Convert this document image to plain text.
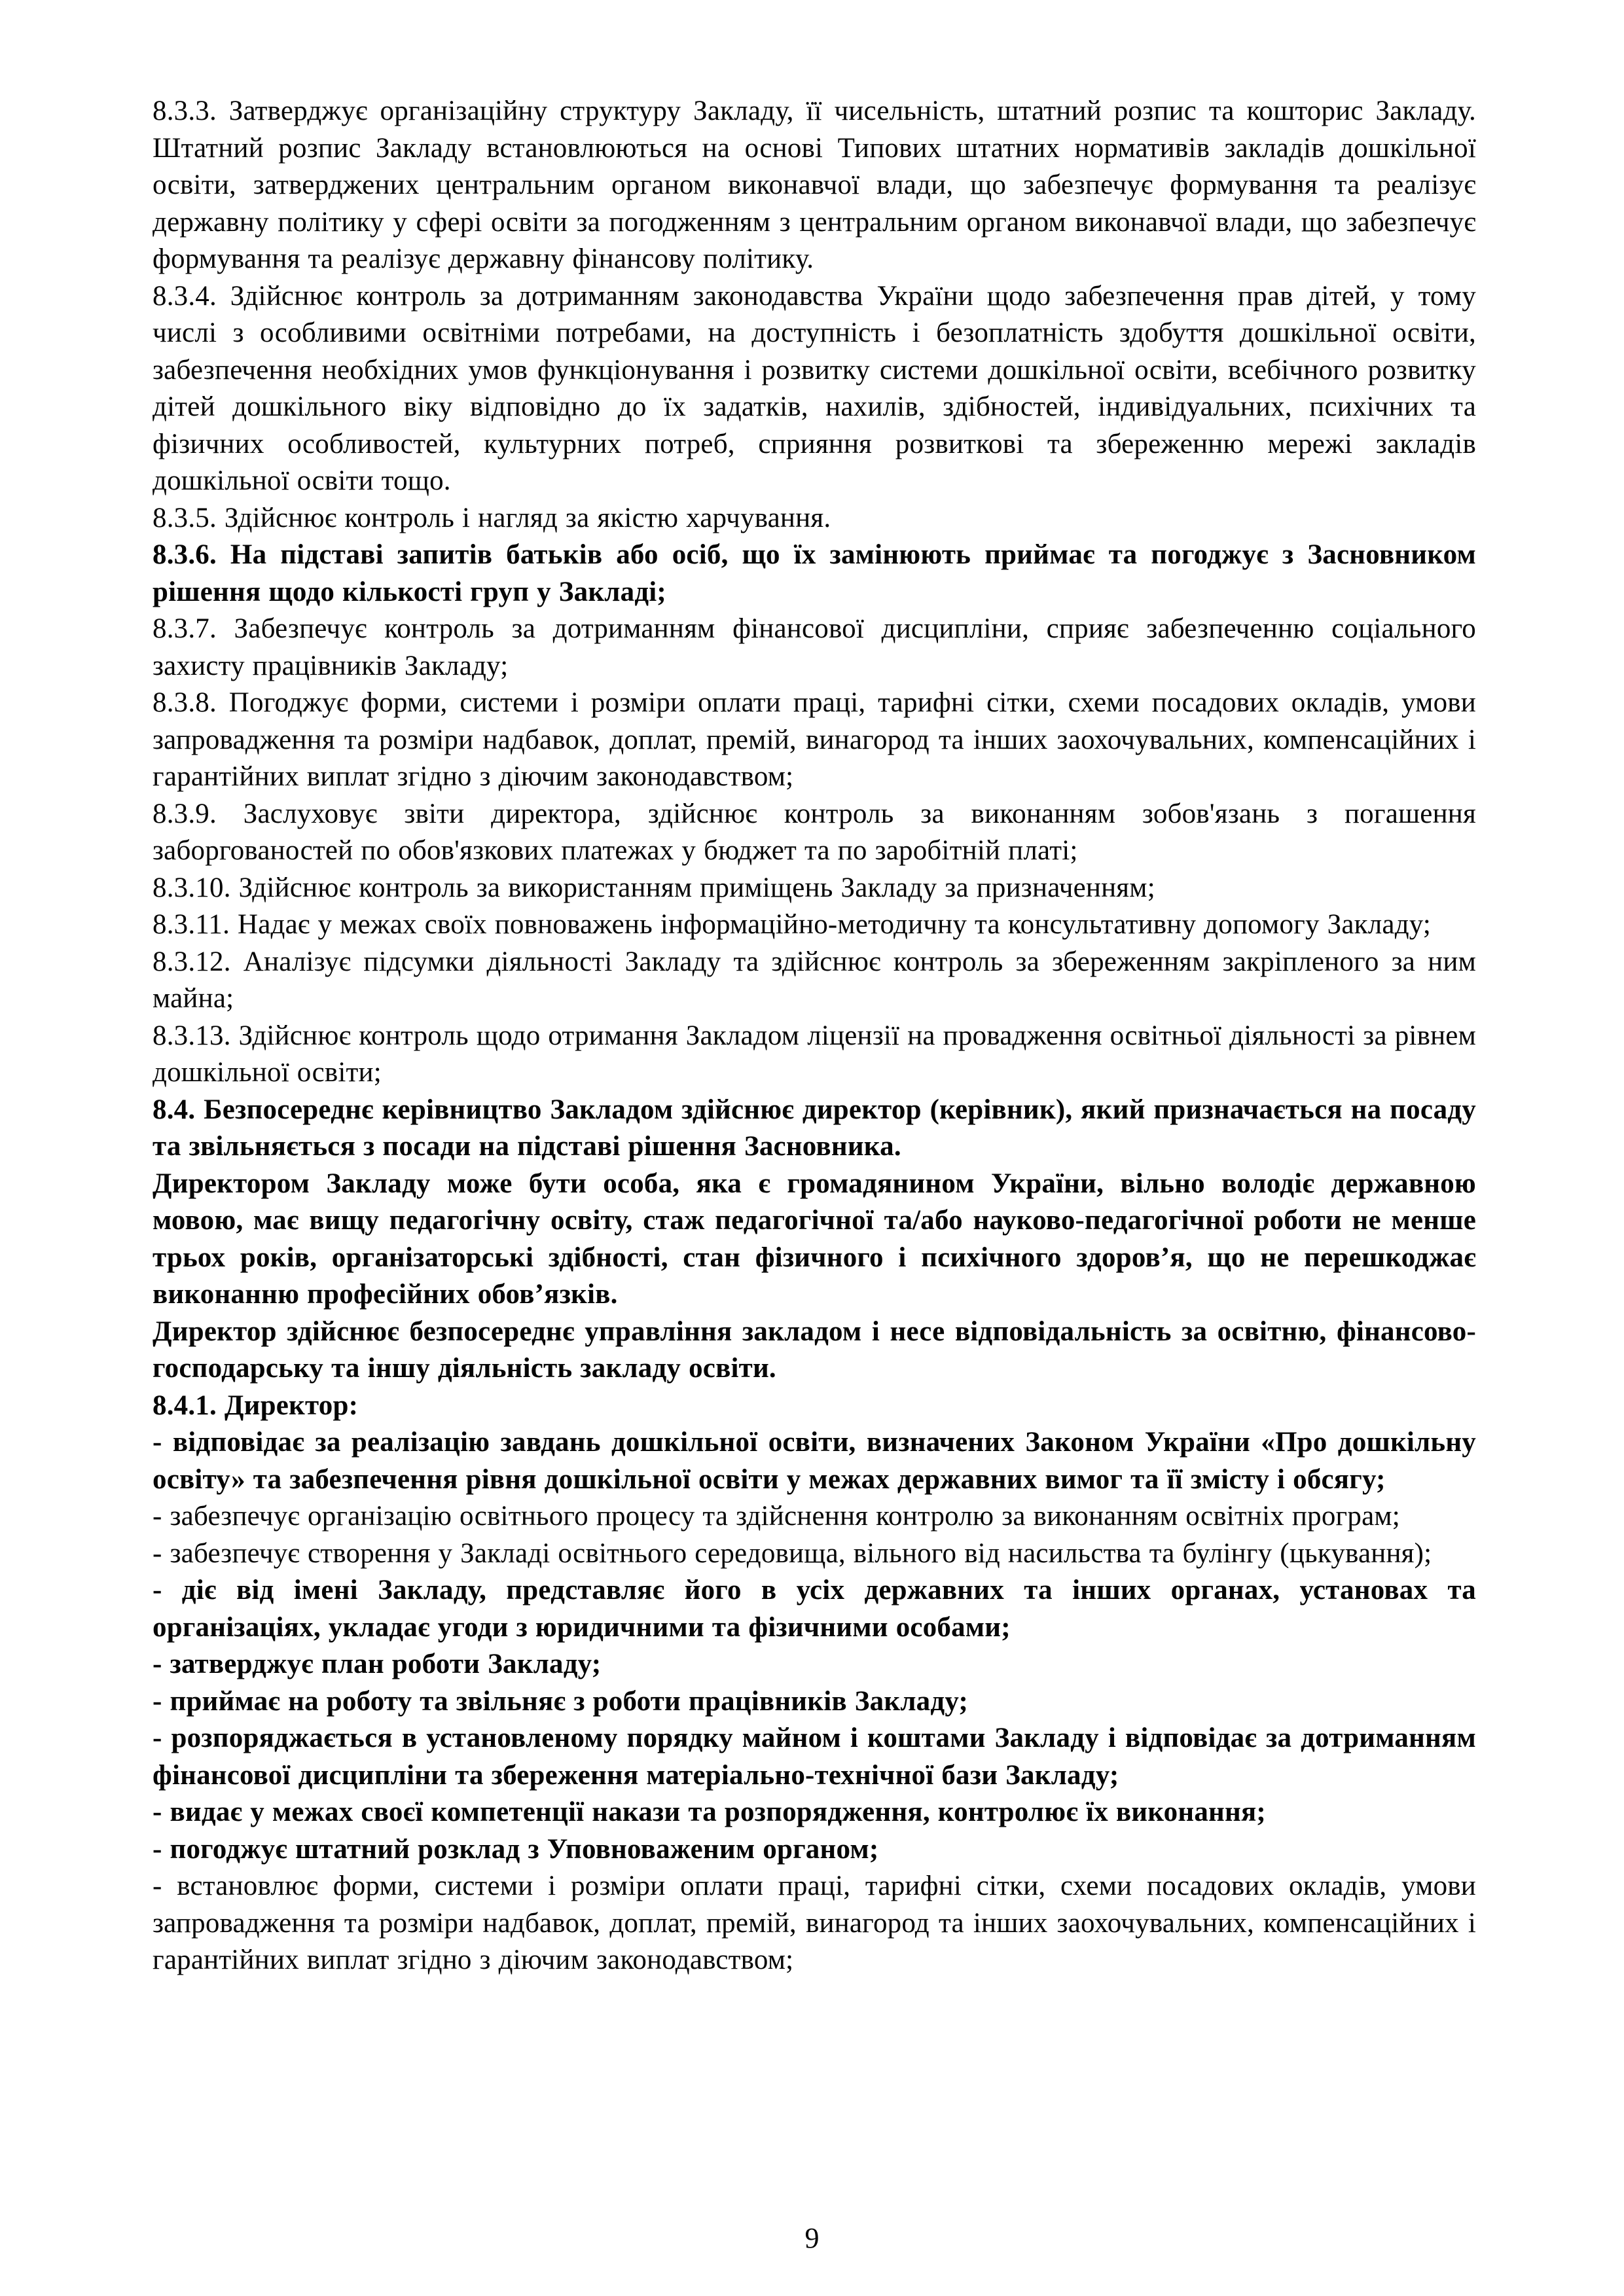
8.3.3. Затверджує організаційну структуру Закладу, її чисельність, штатний розпис та кошторис Закладу. Штатний розпис Закладу встановлюються на основі Типових штатних нормативів закладів дошкільної освіти, затверджених центральним органом виконавчої влади, що забезпечує формування та реалізує державну політику у сфері освіти за погодженням з центральним органом виконавчої влади, що забезпечує формування та реалізує державну фінансову політику.

8.3.4. Здійснює контроль за дотриманням законодавства України щодо забезпечення прав дітей, у тому числі з особливими освітніми потребами, на доступність і безоплатність здобуття дошкільної освіти, забезпечення необхідних умов функціонування і розвитку системи дошкільної освіти, всебічного розвитку дітей дошкільного віку відповідно до їх задатків, нахилів, здібностей, індивідуальних, психічних та фізичних особливостей, культурних потреб, сприяння розвиткові та збереженню мережі закладів дошкільної освіти тощо.

8.3.5. Здійснює контроль і нагляд за якістю харчування.

8.3.6. На підставі запитів батьків або осіб, що їх замінюють приймає та погоджує з Засновником рішення щодо кількості груп у Закладі;

8.3.7. Забезпечує контроль за дотриманням фінансової дисципліни, сприяє забезпеченню соціального захисту працівників Закладу;

8.3.8. Погоджує форми, системи і розміри оплати праці, тарифні сітки, схеми посадових окладів, умови запровадження та розміри надбавок, доплат, премій, винагород та інших заохочувальних, компенсаційних і гарантійних виплат згідно з діючим законодавством;

8.3.9. Заслуховує звіти директора, здійснює контроль за виконанням зобов'язань з погашення заборгованостей по обов'язкових платежах у бюджет та по заробітній платі;

8.3.10. Здійснює контроль за використанням приміщень Закладу за призначенням;

8.3.11. Надає у межах своїх повноважень інформаційно-методичну та консультативну допомогу Закладу;

8.3.12. Аналізує підсумки діяльності Закладу та здійснює контроль за збереженням закріпленого за ним майна;

8.3.13. Здійснює контроль щодо отримання Закладом ліцензії на провадження освітньої діяльності за рівнем дошкільної освіти;

8.4. Безпосереднє керівництво Закладом здійснює директор (керівник), який призначається на посаду та звільняється з посади на підставі рішення Засновника.

Директором Закладу може бути особа, яка є громадянином України, вільно володіє державною мовою, має вищу педагогічну освіту, стаж педагогічної та/або науково-педагогічної роботи не менше трьох років, організаторські здібності, стан фізичного і психічного здоров’я, що не перешкоджає виконанню професійних обов’язків.

Директор здійснює безпосереднє управління закладом і несе відповідальність за освітню, фінансово-господарську та іншу діяльність закладу освіти.

8.4.1. Директор:

- відповідає за реалізацію завдань дошкільної освіти, визначених Законом України «Про дошкільну освіту» та забезпечення рівня дошкільної освіти у межах державних вимог та її змісту і обсягу;

- забезпечує організацію освітнього процесу та здійснення контролю за виконанням освітніх програм;

- забезпечує створення у Закладі освітнього середовища, вільного від насильства та булінгу (цькування);

- діє від імені Закладу, представляє його в усіх державних та інших органах, установах та організаціях, укладає угоди з юридичними та фізичними особами;

- затверджує план роботи Закладу;

- приймає на роботу та звільняє з роботи працівників Закладу;

- розпоряджається в установленому порядку майном і коштами Закладу і відповідає за дотриманням фінансової дисципліни та збереження матеріально-технічної бази Закладу;

- видає у межах своєї компетенції накази та розпорядження, контролює їх виконання;

- погоджує штатний розклад з Уповноваженим органом;

- встановлює форми, системи і розміри оплати праці, тарифні сітки, схеми посадових окладів, умови запровадження та розміри надбавок, доплат, премій, винагород та інших заохочувальних, компенсаційних і гарантійних виплат згідно з діючим законодавством;

9
